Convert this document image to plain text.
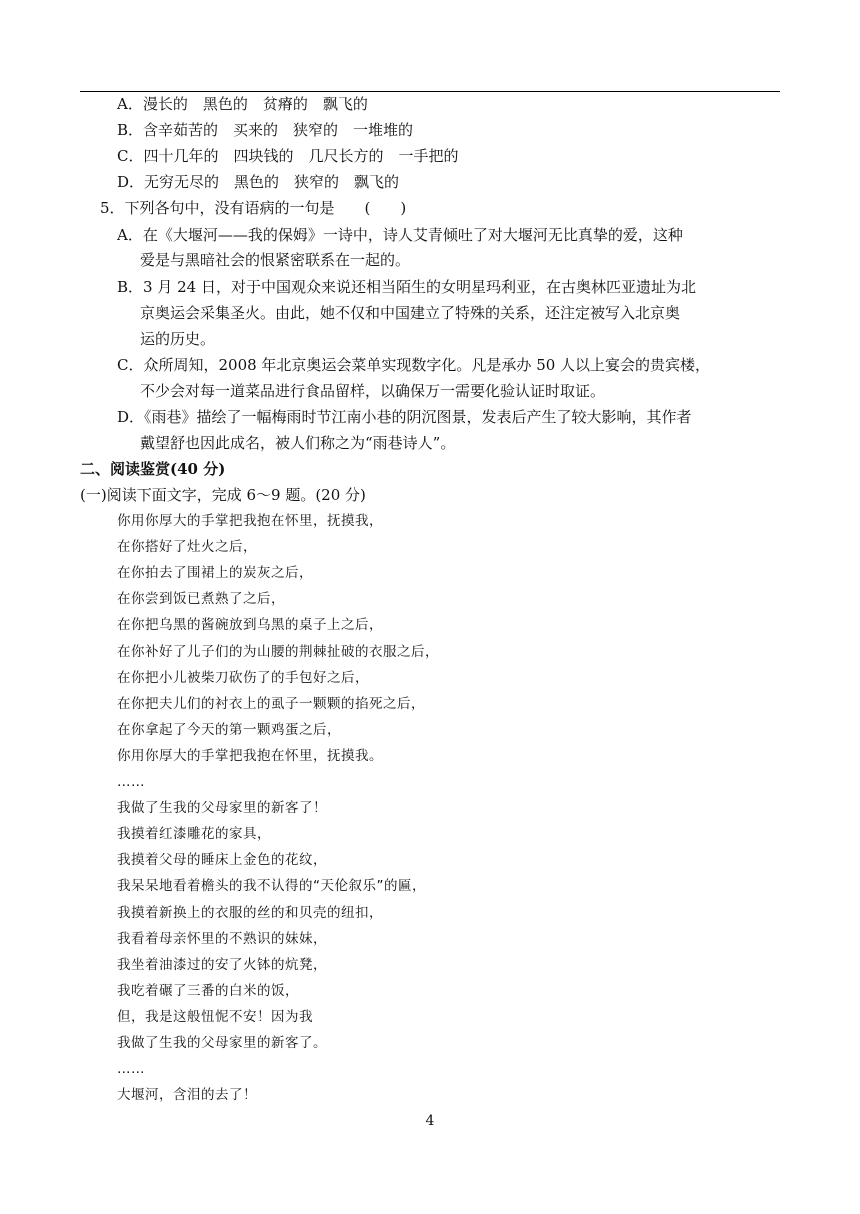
A．漫长的　黑色的　贫瘠的　飘飞的
B．含辛茹苦的　买来的　狭窄的　一堆堆的
C．四十几年的　四块钱的　几尺长方的　一手把的
D．无穷无尽的　黑色的　狭窄的　飘飞的
5．下列各句中，没有语病的一句是　　(　　)
A．在《大堰河——我的保姆》一诗中，诗人艾青倾吐了对大堰河无比真挚的爱，这种
爱是与黑暗社会的恨紧密联系在一起的。
B．3 月 24 日，对于中国观众来说还相当陌生的女明星玛利亚，在古奥林匹亚遗址为北
京奥运会采集圣火。由此，她不仅和中国建立了特殊的关系，还注定被写入北京奥
运的历史。
C．众所周知，2008 年北京奥运会菜单实现数字化。凡是承办 50 人以上宴会的贵宾楼，
不少会对每一道菜品进行食品留样，以确保万一需要化验认证时取证。
D．《雨巷》描绘了一幅梅雨时节江南小巷的阴沉图景，发表后产生了较大影响，其作者
戴望舒也因此成名，被人们称之为“雨巷诗人”。
二、阅读鉴赏(40 分)
(一)阅读下面文字，完成 6～9 题。(20 分)
你用你厚大的手掌把我抱在怀里，抚摸我，
在你搭好了灶火之后，
在你拍去了围裙上的炭灰之后，
在你尝到饭已煮熟了之后，
在你把乌黑的酱碗放到乌黑的桌子上之后，
在你补好了儿子们的为山腰的荆棘扯破的衣服之后，
在你把小儿被柴刀砍伤了的手包好之后，
在你把夫儿们的衬衣上的虱子一颗颗的掐死之后，
在你拿起了今天的第一颗鸡蛋之后，
你用你厚大的手掌把我抱在怀里，抚摸我。
……
我做了生我的父母家里的新客了！
我摸着红漆雕花的家具，
我摸着父母的睡床上金色的花纹，
我呆呆地看着檐头的我不认得的“天伦叙乐”的匾，
我摸着新换上的衣服的丝的和贝壳的纽扣，
我看着母亲怀里的不熟识的妹妹，
我坐着油漆过的安了火钵的炕凳，
我吃着碾了三番的白米的饭，
但，我是这般忸怩不安！因为我
我做了生我的父母家里的新客了。
……
大堰河，含泪的去了！
4
